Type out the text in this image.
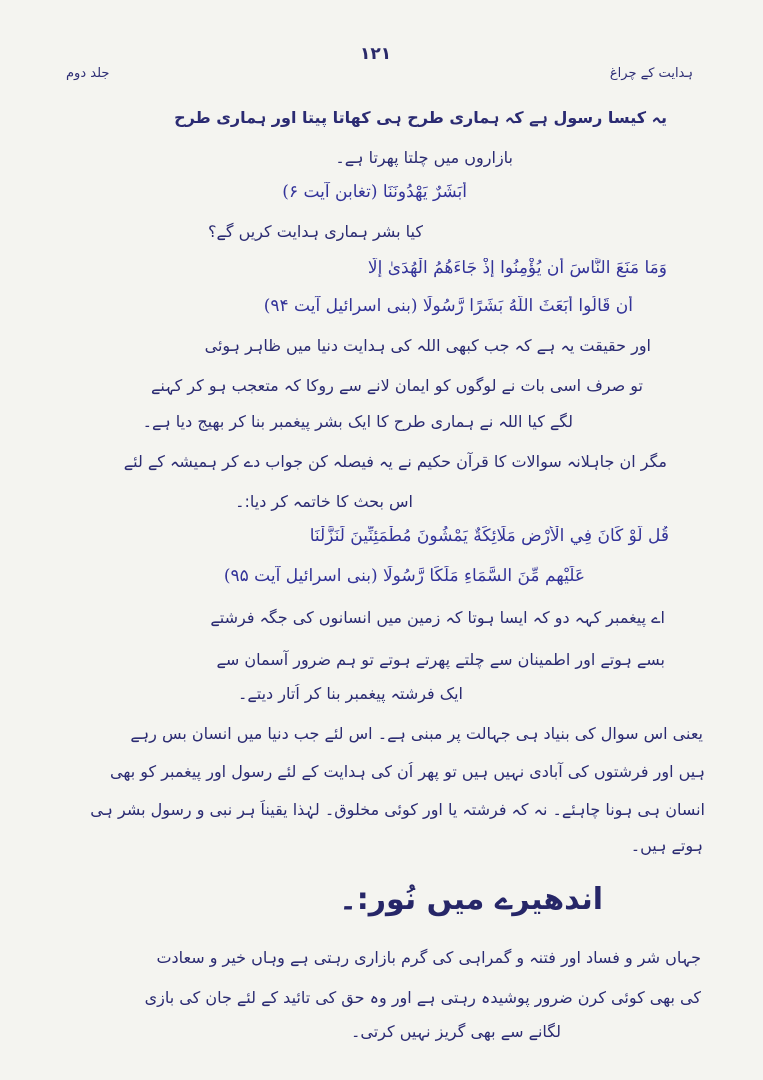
۱۲۱
ہدایت کے چراغ
جلد دوم
یہ کیسا رسول ہے کہ ہماری طرح ہی کھاتا پیتا اور ہماری طرح
بازاروں میں چلتا پھرتا ہے۔
أَبَشَرٌ يَهْدُونَنَا (تغابن آیت ۶)
کیا بشر ہماری ہدایت کریں گے؟
وَمَا مَنَعَ النَّاسَ أَن يُؤْمِنُوا إِذْ جَاءَهُمُ الْهُدَىٰ إِلَّا
أَن قَالُوا أَبَعَثَ اللَّهُ بَشَرًا رَّسُولًا (بنی اسرائیل آیت ۹۴)
اور حقیقت یہ ہے کہ جب کبھی اللہ کی ہدایت دنیا میں ظاہر ہوئی
تو صرف اسی بات نے لوگوں کو ایمان لانے سے روکا کہ متعجب ہو کر کہنے
لگے کیا اللہ نے ہماری طرح کا ایک بشر پیغمبر بنا کر بھیج دیا ہے۔
مگر ان جاہلانہ سوالات کا قرآن حکیم نے یہ فیصلہ کن جواب دے کر ہمیشہ کے لئے
اس بحث کا خاتمہ کر دیا:۔
قُل لَّوْ كَانَ فِي الْأَرْضِ مَلَائِكَةٌ يَمْشُونَ مُطْمَئِنِّينَ لَنَزَّلْنَا
عَلَيْهِم مِّنَ السَّمَاءِ مَلَكًا رَّسُولًا (بنی اسرائیل آیت ۹۵)
اے پیغمبر کہہ دو کہ ایسا ہوتا کہ زمین میں انسانوں کی جگہ فرشتے
بسے ہوتے اور اطمینان سے چلتے پھرتے ہوتے تو ہم ضرور آسمان سے
ایک فرشتہ پیغمبر بنا کر اُتار دیتے۔
یعنی اس سوال کی بنیاد ہی جہالت پر مبنی ہے۔ اس لئے جب دنیا میں انسان بس رہے
ہیں اور فرشتوں کی آبادی نہیں ہیں تو پھر اُن کی ہدایت کے لئے رسول اور پیغمبر کو بھی
انسان ہی ہونا چاہئے۔ نہ کہ فرشتہ یا اور کوئی مخلوق۔ لہٰذا یقیناً ہر نبی و رسول بشر ہی
ہوتے ہیں۔
اندھیرے میں نُور:۔
جہاں شر و فساد اور فتنہ و گمراہی کی گرم بازاری رہتی ہے وہاں خیر و سعادت
کی بھی کوئی کرن ضرور پوشیدہ رہتی ہے اور وہ حق کی تائید کے لئے جان کی بازی
لگانے سے بھی گریز نہیں کرتی۔
